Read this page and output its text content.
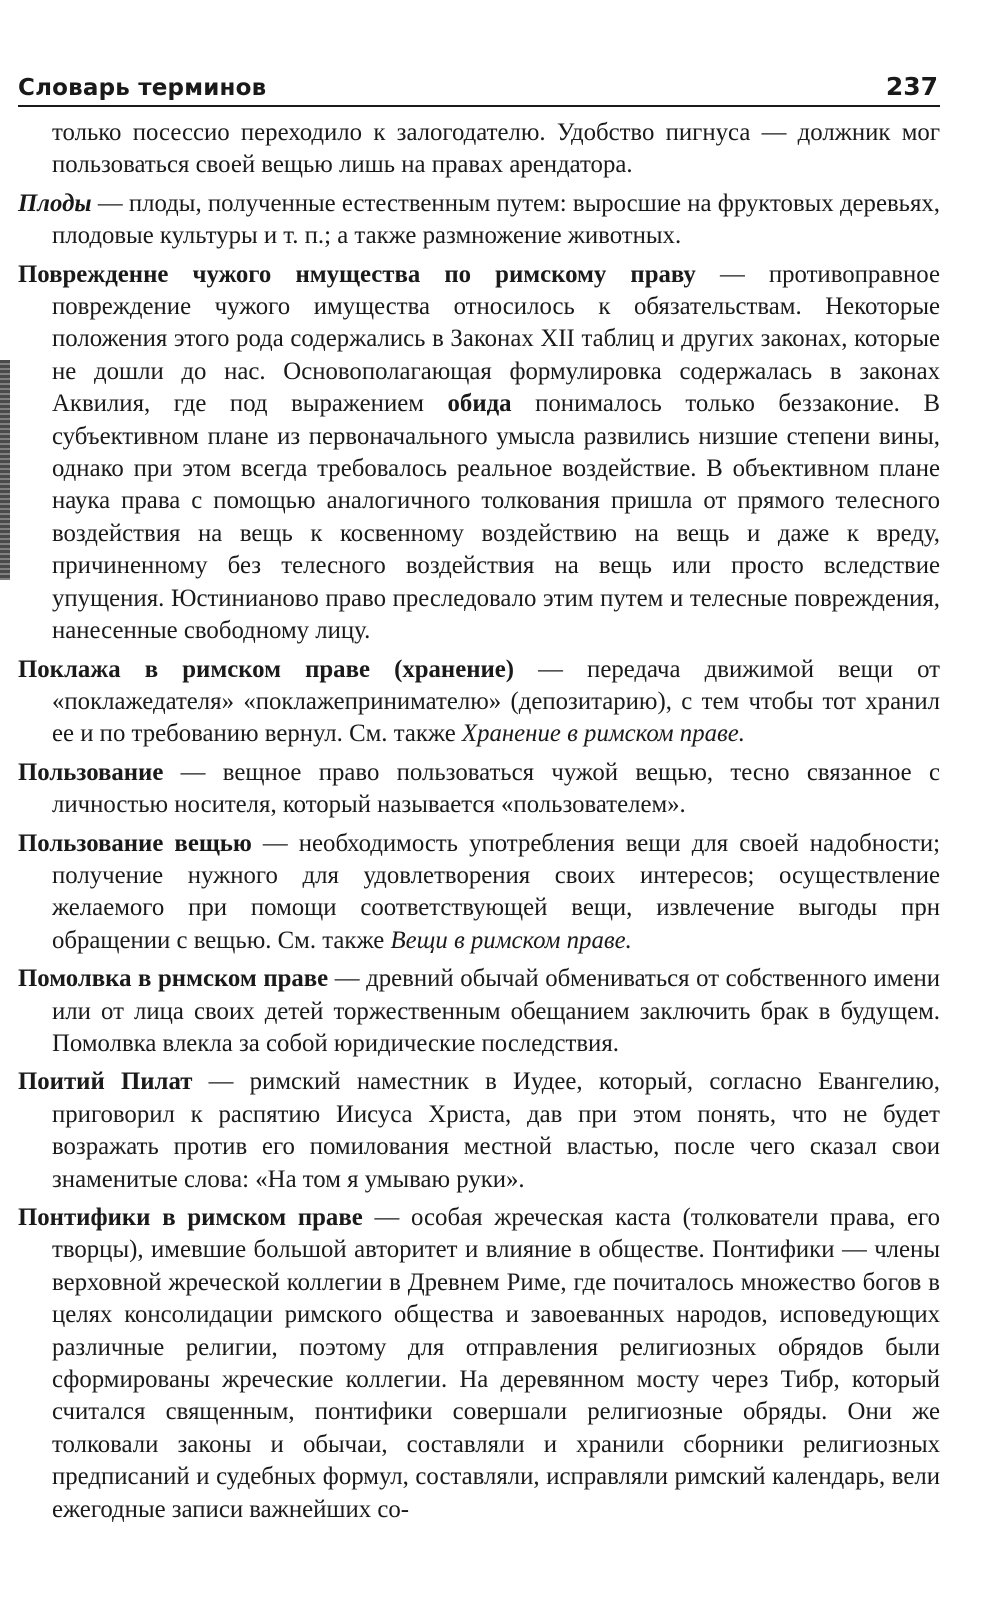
Словарь терминов	237

только посессио переходило к залогодателю. Удобство пигнуса — должник мог пользоваться своей вещью лишь на правах арендатора.

Плоды — плоды, полученные естественным путем: выросшие на фруктовых деревьях, плодовые культуры и т. п.; а также размножение животных.

Поврежденне чужого нмущества по римскому праву — противоправное повреждение чужого имущества относилось к обязательствам. Некоторые положения этого рода содержались в Законах XII таблиц и других законах, которые не дошли до нас. Основополагающая формулировка содержалась в законах Аквилия, где под выражением обида понималось только беззаконие. В субъективном плане из первоначального умысла развились низшие степени вины, однако при этом всегда требовалось реальное воздействие. В объективном плане наука права с помощью аналогичного толкования пришла от прямого телесного воздействия на вещь к косвенному воздействию на вещь и даже к вреду, причиненному без телесного воздействия на вещь или просто вследствие упущения. Юстинианово право преследовало этим путем и телесные повреждения, нанесенные свободному лицу.

Поклажа в римском праве (хранение) — передача движимой вещи от «поклажедателя» «поклажепринимателю» (депозитарию), с тем чтобы тот хранил ее и по требованию вернул. См. также Хранение в римском праве.

Пользование — вещное право пользоваться чужой вещью, тесно связанное с личностью носителя, который называется «пользователем».

Пользование вещью — необходимость употребления вещи для своей надобности; получение нужного для удовлетворения своих интересов; осуществление желаемого при помощи соответствующей вещи, извлечение выгоды прн обращении с вещью. См. также Вещи в римском праве.

Помолвка в рнмском праве — древний обычай обмениваться от собственного имени или от лица своих детей торжественным обещанием заключить брак в будущем. Помолвка влекла за собой юридические последствия.

Поитий Пилат — римский наместник в Иудее, который, согласно Евангелию, приговорил к распятию Иисуса Христа, дав при этом понять, что не будет возражать против его помилования местной властью, после чего сказал свои знаменитые слова: «На том я умываю руки».

Понтифики в римском праве — особая жреческая каста (толкователи права, его творцы), имевшие большой авторитет и влияние в обществе. Понтифики — члены верховной жреческой коллегии в Древнем Риме, где почиталось множество богов в целях консолидации римского общества и завоеванных народов, исповедующих различные религии, поэтому для отправления религиозных обрядов были сформированы жреческие коллегии. На деревянном мосту через Тибр, который считался священным, понтифики совершали религиозные обряды. Они же толковали законы и обычаи, составляли и хранили сборники религиозных предписаний и судебных формул, составляли, исправляли римский календарь, вели ежегодные записи важнейших со-
